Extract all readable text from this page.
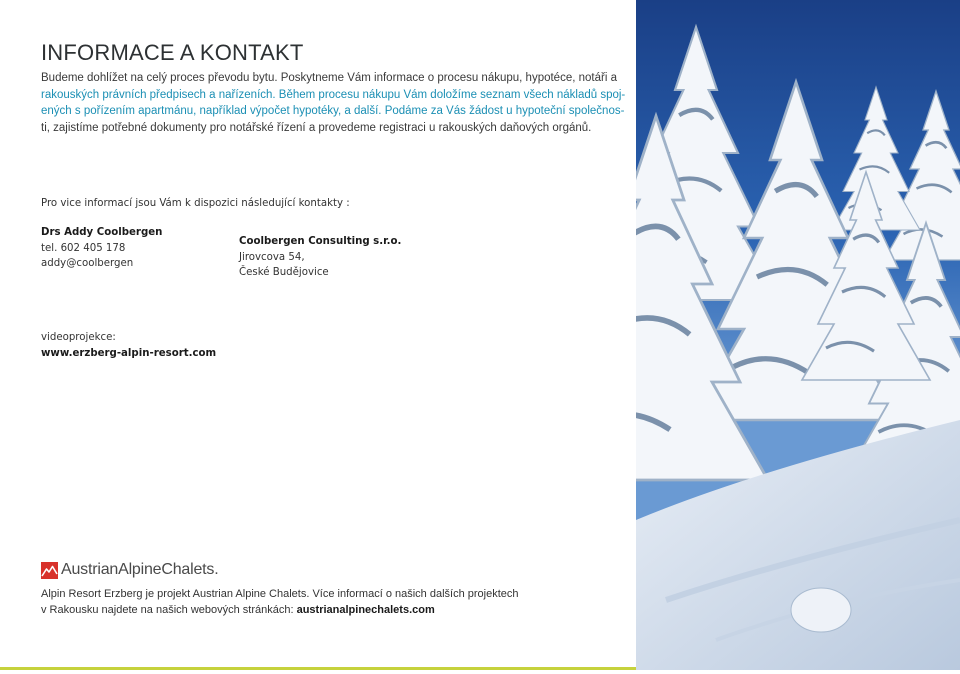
INFORMACE A KONTAKT

Budeme dohlížet na celý proces převodu bytu. Poskytneme Vám informace o procesu nákupu, hypotéce, notáři a
rakouských právních předpisech a nařízeních. Během procesu nákupu Vám doložíme seznam všech nákladů spoj-
ených s pořízením apartmánu, například výpočet hypotéky, a další. Podáme za Vás žádost u hypoteční společnos-
ti, zajistíme potřebné dokumenty pro notářské řízení a provedeme registraci u rakouských daňových orgánů.

Pro vice informací jsou Vám k dispozici následující kontakty :

Drs Addy Coolbergen
tel. 602 405 178
addy@coolbergen
Coolbergen Consulting s.r.o.
Jirovcova 54,
České Budějovice
videoprojekce:
www.erzberg-alpin-resort.com
AustrianAlpineChalets.

Alpin Resort Erzberg je projekt Austrian Alpine Chalets. Více informací o našich dalších projektech
v Rakousku najdete na našich webových stránkách: austrianalpinechalets.com
